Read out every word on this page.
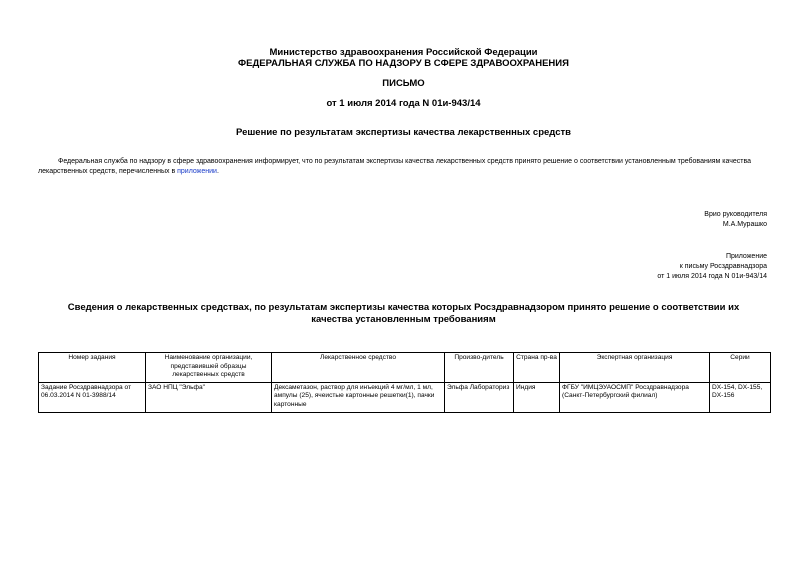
Министерство здравоохранения Российской Федерации
ФЕДЕРАЛЬНАЯ СЛУЖБА ПО НАДЗОРУ В СФЕРЕ ЗДРАВООХРАНЕНИЯ
ПИСЬМО
от 1 июля 2014 года N 01и-943/14
Решение по результатам экспертизы качества лекарственных средств
Федеральная служба по надзору в сфере здравоохранения информирует, что по результатам экспертизы качества лекарственных средств принято решение о соответствии установленным требованиям качества лекарственных средств, перечисленных в приложении.
Врио руководителя
М.А.Мурашко
Приложение
к письму Росздравнадзора
от 1 июля 2014 года N 01и-943/14
Сведения о лекарственных средствах, по результатам экспертизы качества которых Росздравнадзором принято решение о соответствии их качества установленным требованиям
Номер задания	Наименование организации, представившей образцы лекарственных средств	Лекарственное средство	Произво-дитель	Страна пр-ва	Экспертная организация	Серии
Задание Росздравнадзора от 06.03.2014 N 01-3988/14	ЗАО НПЦ "Эльфа"	Дексаметазон, раствор для инъекций 4 мг/мл, 1 мл, ампулы (25), ячеистые картонные решетки(1), пачки картонные	Эльфа Лабораториз	Индия	ФГБУ "ИМЦЭУАОСМП" Росздравнадзора (Санкт-Петербургский филиал)	DX-154, DX-155, DX-156
